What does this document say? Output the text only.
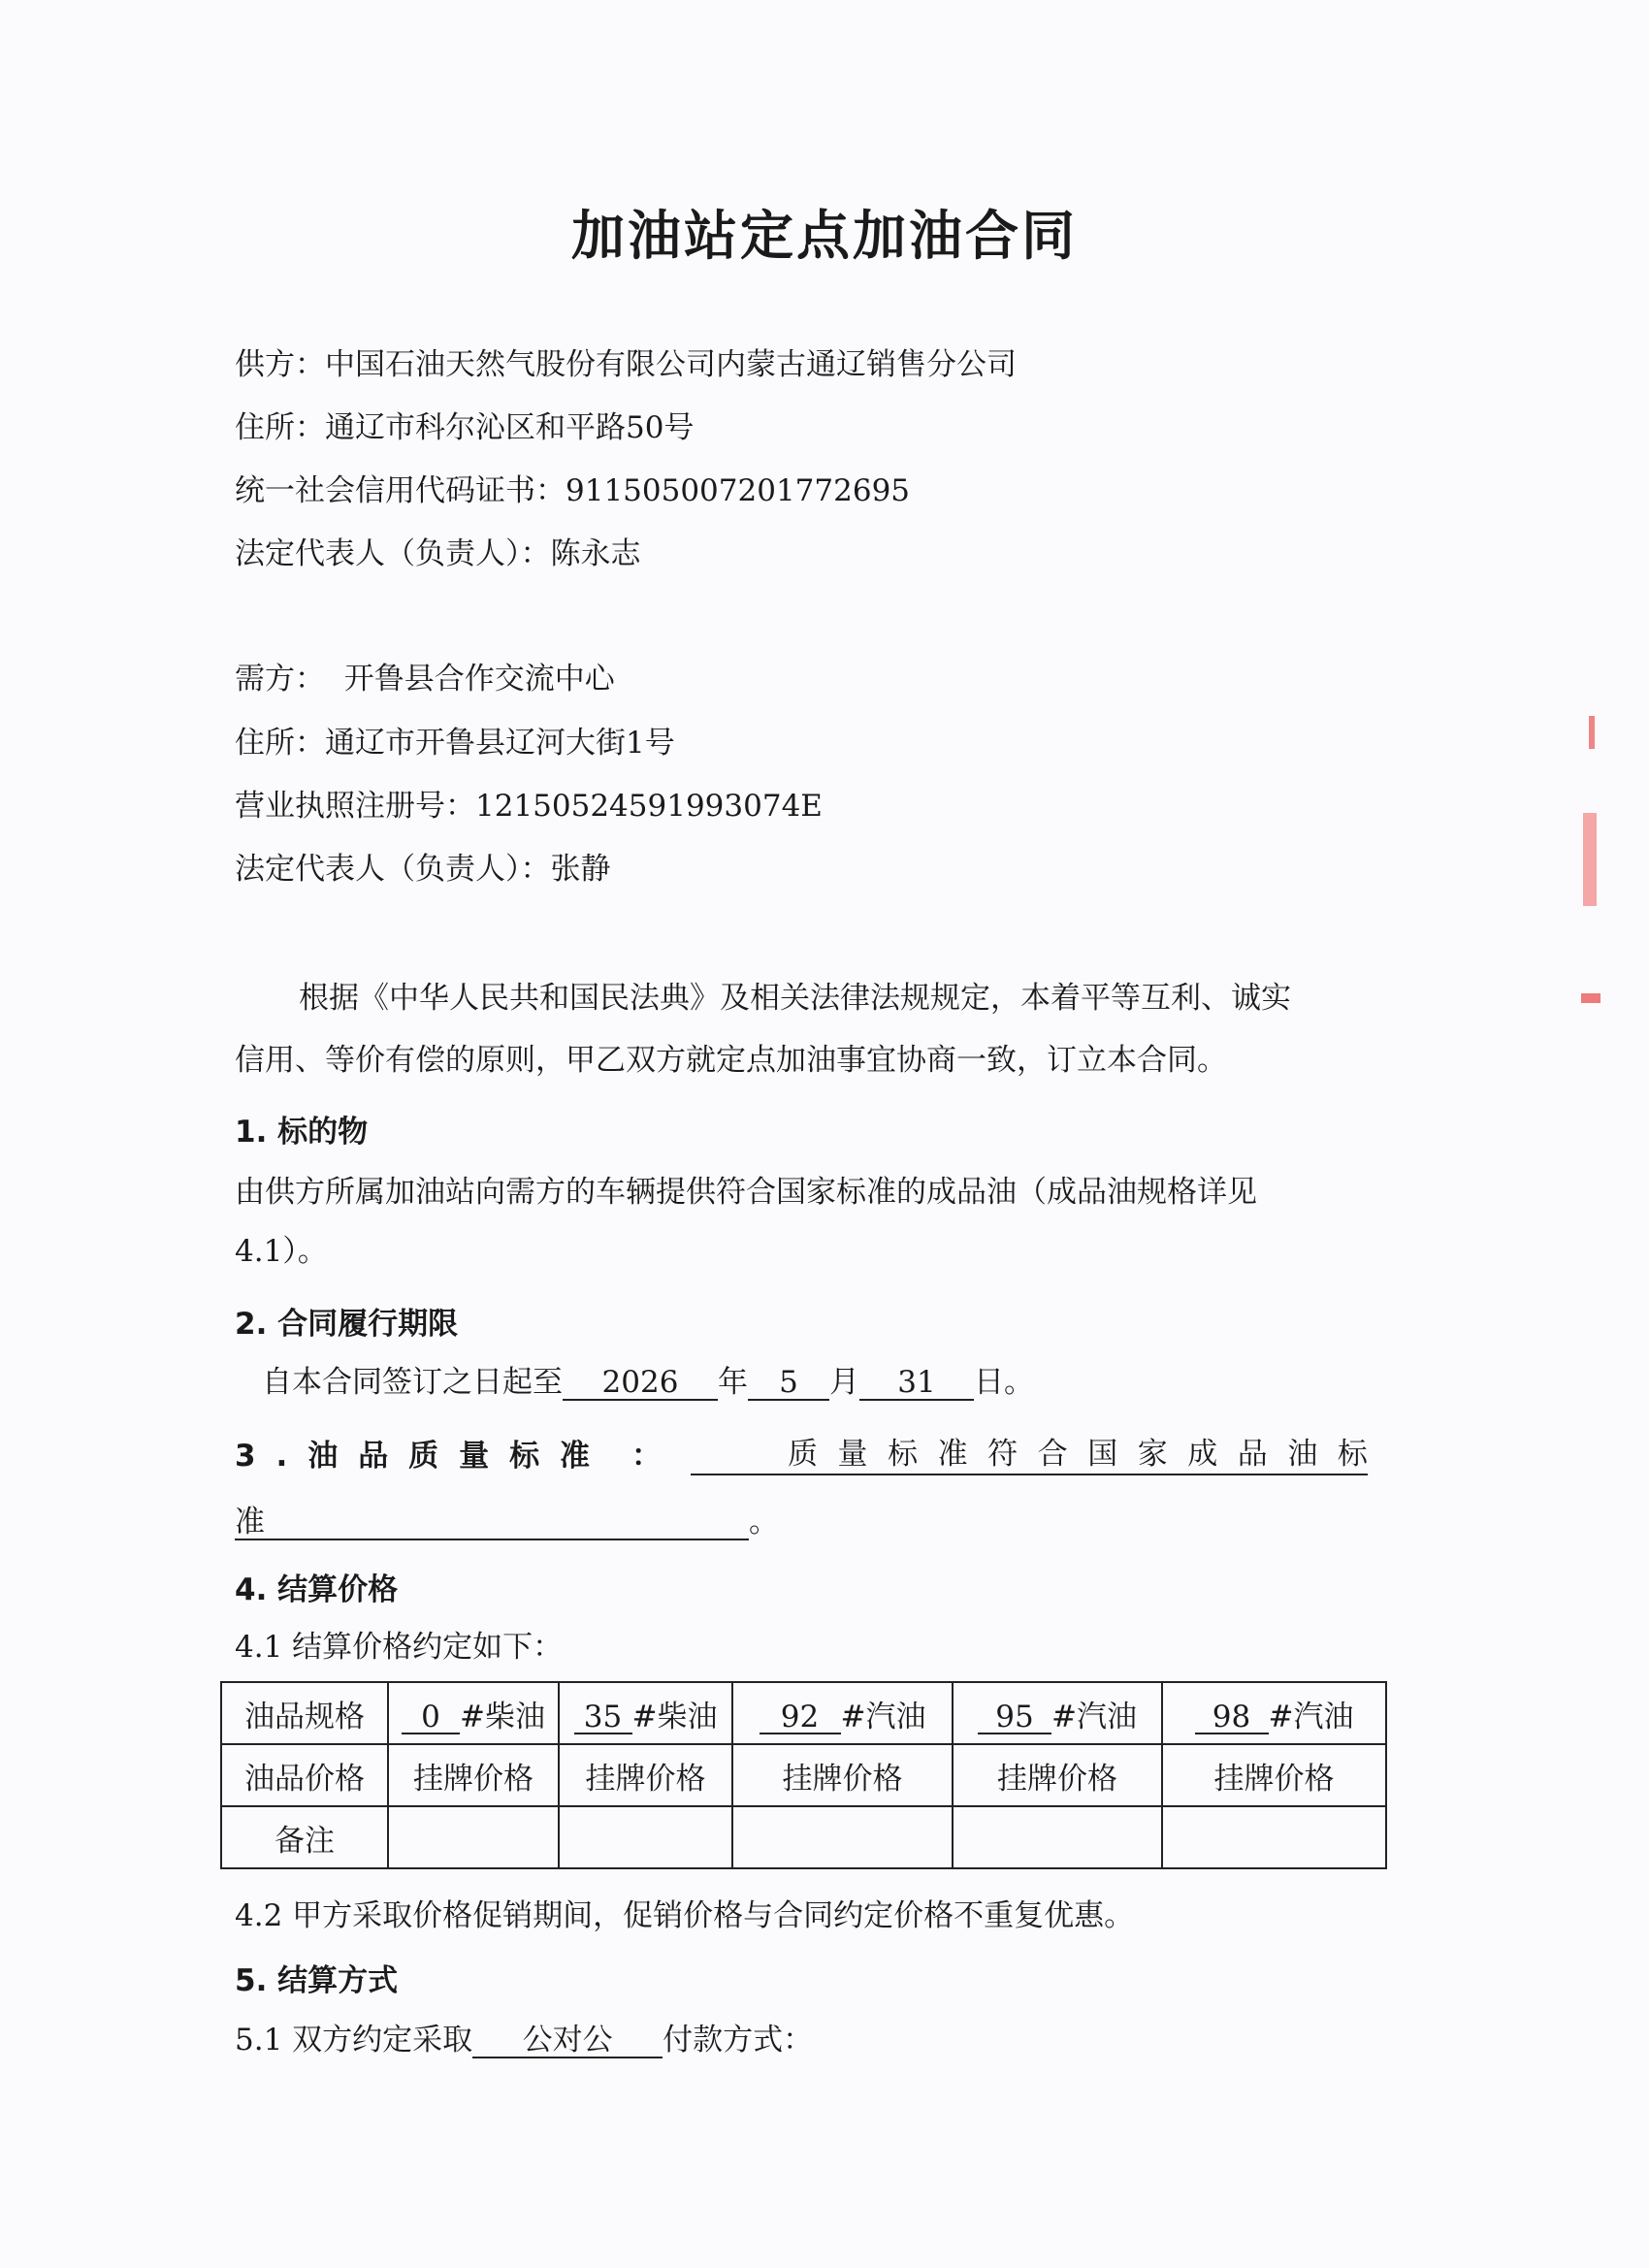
加油站定点加油合同
供方：中国石油天然气股份有限公司内蒙古通辽销售分公司
住所：通辽市科尔沁区和平路50号
统一社会信用代码证书：911505007201772695
法定代表人（负责人）：陈永志
需方：  开鲁县合作交流中心
住所：通辽市开鲁县辽河大街1号
营业执照注册号：12150524591993074E
法定代表人（负责人）：张静
根据《中华人民共和国民法典》及相关法律法规规定，本着平等互利、诚实
信用、等价有偿的原则，甲乙双方就定点加油事宜协商一致，订立本合同。
1. 标的物
由供方所属加油站向需方的车辆提供符合国家标准的成品油（成品油规格详见
4.1）。
2. 合同履行期限
自本合同签订之日起至 2026 年 5 月 31 日。
3 . 油 品 质 量 标 准 ：	质 量 标 准 符 合 国 家 成 品 油 标
准	。
4. 结算价格
4.1 结算价格约定如下：
油品规格	0 #柴油	35 #柴油	92 #汽油	95 #汽油	98 #汽油
油品价格	挂牌价格	挂牌价格	挂牌价格	挂牌价格	挂牌价格
备注					
4.2 甲方采取价格促销期间，促销价格与合同约定价格不重复优惠。
5. 结算方式
5.1 双方约定采取 公对公 付款方式：
